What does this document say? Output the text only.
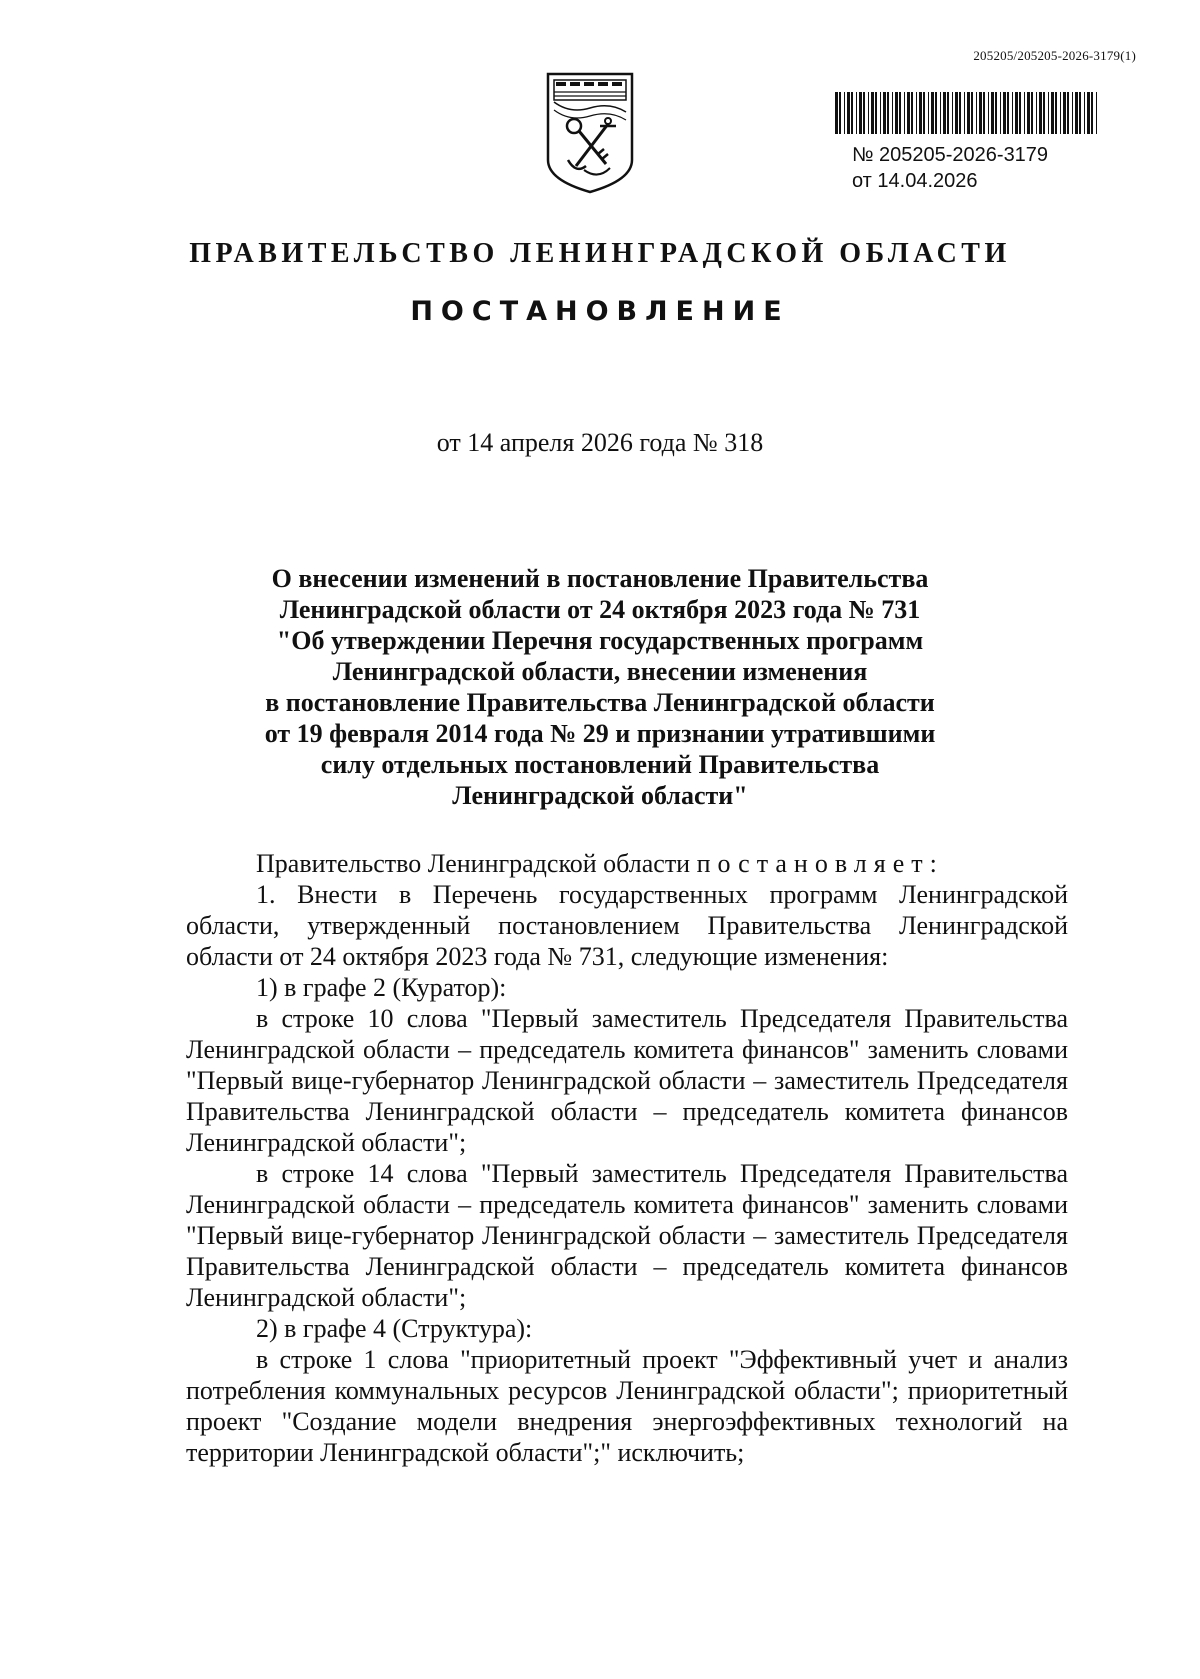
205205/205205-2026-3179(1)
№ 205205-2026-3179
от 14.04.2026
ПРАВИТЕЛЬСТВО ЛЕНИНГРАДСКОЙ ОБЛАСТИ
ПОСТАНОВЛЕНИЕ
от 14 апреля 2026 года № 318
О внесении изменений в постановление Правительства
Ленинградской области от 24 октября 2023 года № 731
"Об утверждении Перечня государственных программ
Ленинградской области, внесении изменения
в постановление Правительства Ленинградской области
от 19 февраля 2014 года № 29 и признании утратившими
силу отдельных постановлений Правительства
Ленинградской области"

Правительство Ленинградской области постановляет:

1. Внести в Перечень государственных программ Ленинградской области, утвержденный постановлением Правительства Ленинградской области от 24 октября 2023 года № 731, следующие изменения:

1) в графе 2 (Куратор):

в строке 10 слова "Первый заместитель Председателя Правительства Ленинградской области – председатель комитета финансов" заменить словами "Первый вице-губернатор Ленинградской области – заместитель Председателя Правительства Ленинградской области – председатель комитета финансов Ленинградской области";

в строке 14 слова "Первый заместитель Председателя Правительства Ленинградской области – председатель комитета финансов" заменить словами "Первый вице-губернатор Ленинградской области – заместитель Председателя Правительства Ленинградской области – председатель комитета финансов Ленинградской области";

2) в графе 4 (Структура):

в строке 1 слова "приоритетный проект "Эффективный учет и анализ потребления коммунальных ресурсов Ленинградской области"; приоритетный проект "Создание модели внедрения энергоэффективных технологий на территории Ленинградской области";" исключить;
